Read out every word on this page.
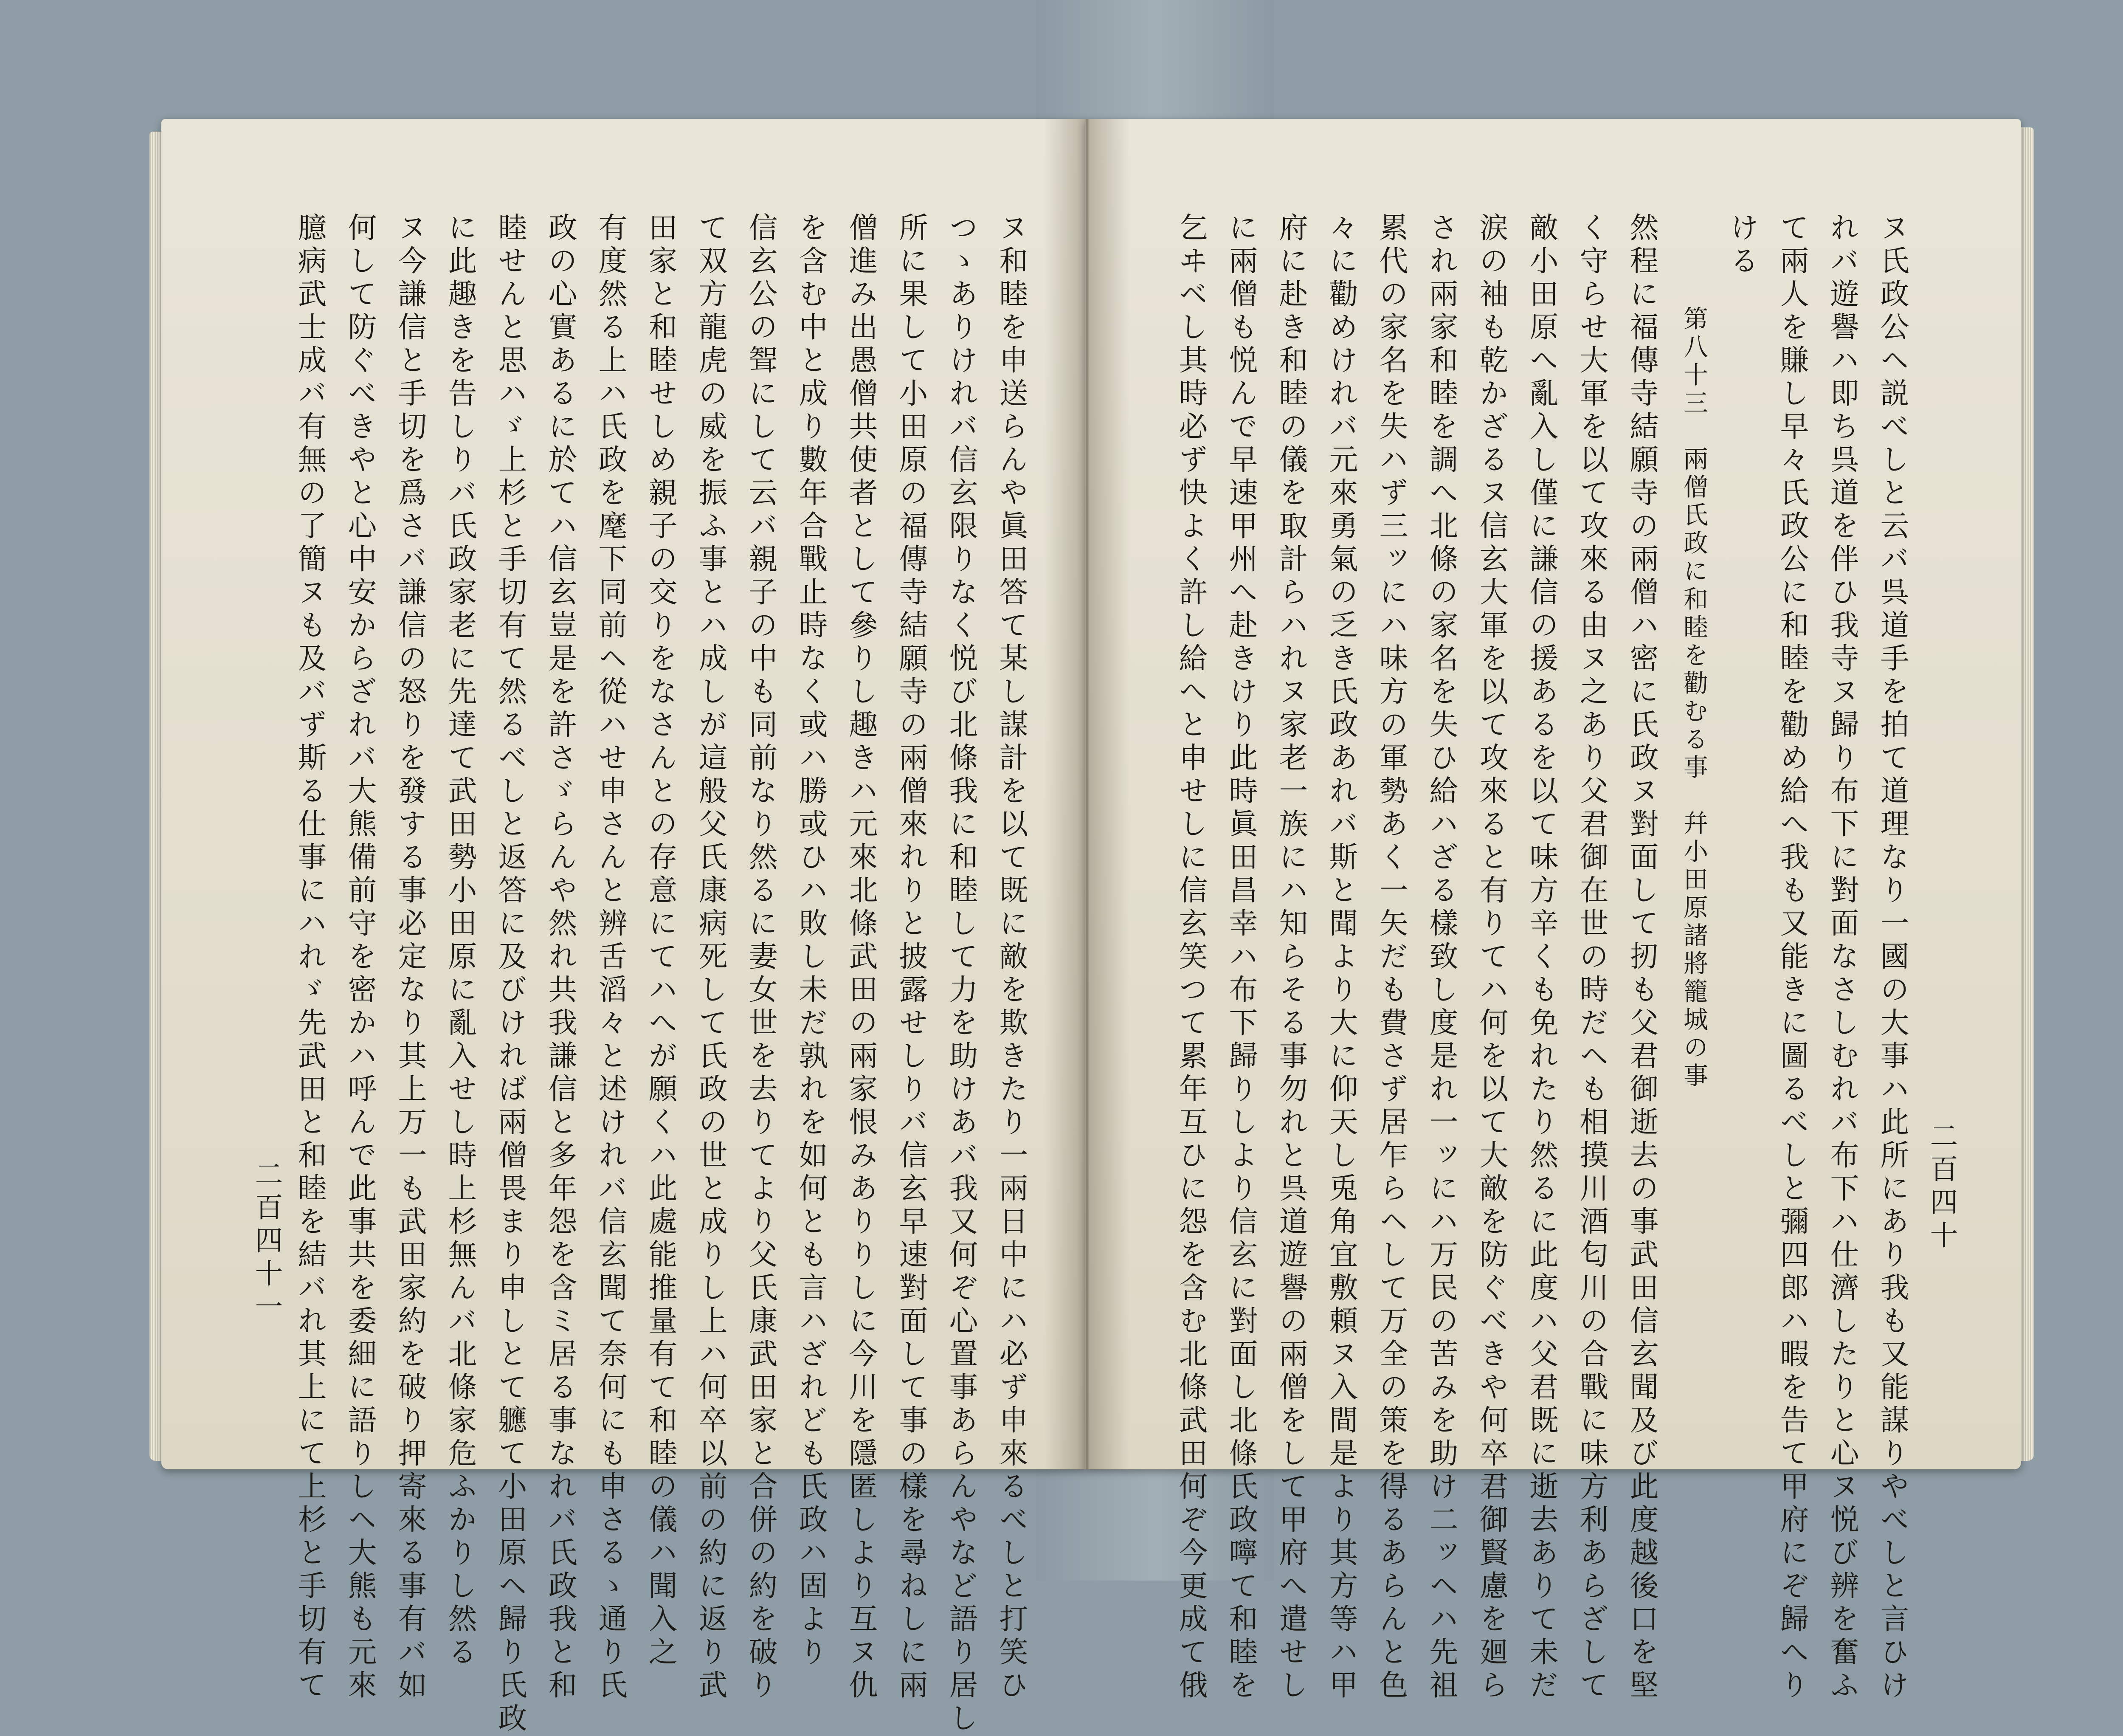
二百四十一	ヌ和睦を申送らんや眞田答て某し謀計を以て既に敵を欺きたり一兩日中にハ必ず申來るべしと打笑ひ
つゝありけれバ信玄限りなく悦び北條我に和睦して力を助けあバ我又何ぞ心置事あらんやなど語り居し
所に果して小田原の福傳寺結願寺の兩僧來れりと披露せしりバ信玄早速對面して事の樣を尋ねしに兩
僧進み出愚僧共使者として參りし趣きハ元來北條武田の兩家恨みありりしに今川を隱匿しより互ヌ仇
を含む中と成り數年合戰止時なく或ハ勝或ひハ敗し未だ孰れを如何とも言ハざれども氏政ハ固より
信玄公の聟にして云バ親子の中も同前なり然るに妻女世を去りてより父氏康武田家と合併の約を破り
て双方龍虎の威を振ふ事とハ成しが這般父氏康病死して氏政の世と成りし上ハ何卒以前の約に返り武
田家と和睦せしめ親子の交りをなさんとの存意にてハへが願くハ此處能推量有て和睦の儀ハ聞入之
有度然る上ハ氏政を麾下同前ヘ從ハせ申さんと辨舌滔々と述けれバ信玄聞て奈何にも申さるゝ通り氏
政の心實あるに於てハ信玄豈是を許さゞらんや然れ共我謙信と多年怨を含ミ居る事なれバ氏政我と和
睦せんと思ハゞ上杉と手切有て然るべしと返答に及びければ兩僧畏まり申しとて軈て小田原ヘ歸り氏政
に此趣きを告しりバ氏政家老に先達て武田勢小田原に亂入せし時上杉無んバ北條家危ふかりし然る
ヌ今謙信と手切を爲さバ謙信の怒りを發する事必定なり其上万一も武田家約を破り押寄來る事有バ如
何して防ぐべきやと心中安からざれバ大熊備前守を密かハ呼んで此事共を委細に語りしヘ大熊も元來
臆病武士成バ有無の了簡ヌも及バず斯る仕事にハれゞ先武田と和睦を結バれ其上にて上杉と手切有て	二百四十
ヌ氏政公ヘ説べしと云バ呉道手を拍て道理なり一國の大事ハ此所にあり我も又能謀りやべしと言ひけ
れバ遊譽ハ即ち呉道を伴ひ我寺ヌ歸り布下に對面なさしむれバ布下ハ仕濟したりと心ヌ悦び辨を奮ふ
て兩人を賺し早々氏政公に和睦を勸め給へ我も又能きに圖るべしと彌四郎ハ暇を告て甲府にぞ歸へり
ける
第八十三　兩僧氏政に和睦を勸むる事　幷小田原諸將籠城の事
然程に福傳寺結願寺の兩僧ハ密に氏政ヌ對面して扨も父君御逝去の事武田信玄聞及び此度越後口を堅
く守らせ大軍を以て攻來る由ヌ之あり父君御在世の時だヘも相摸川酒匂川の合戰に味方利あらざして
敵小田原へ亂入し僅に謙信の援あるを以て味方辛くも免れたり然るに此度ハ父君既に逝去ありて未だ
涙の袖も乾かざるヌ信玄大軍を以て攻來ると有りてハ何を以て大敵を防ぐべきや何卒君御賢慮を廻ら
され兩家和睦を調へ北條の家名を失ひ給ハざる樣致し度是れ一ッにハ万民の苦みを助け二ッヘハ先祖
累代の家名を失ハず三ッにハ味方の軍勢あく一矢だも費さず居乍らヘして万全の策を得るあらんと色
々に勸めけれバ元來勇氣の乏き氏政あれバ斯と聞より大に仰天し兎角宜敷頼ヌ入間是より其方等ハ甲
府に赴き和睦の儀を取計らハれヌ家老一族にハ知らそる事勿れと呉道遊譽の兩僧をして甲府へ遣せし
に兩僧も悦んで早速甲州へ赴きけり此時眞田昌幸ハ布下歸りしより信玄に對面し北條氏政嚀て和睦を
乞ヰベし其時必ず快よく許し給へと申せしに信玄笑つて累年互ひに怨を含む北條武田何ぞ今更成て俄
